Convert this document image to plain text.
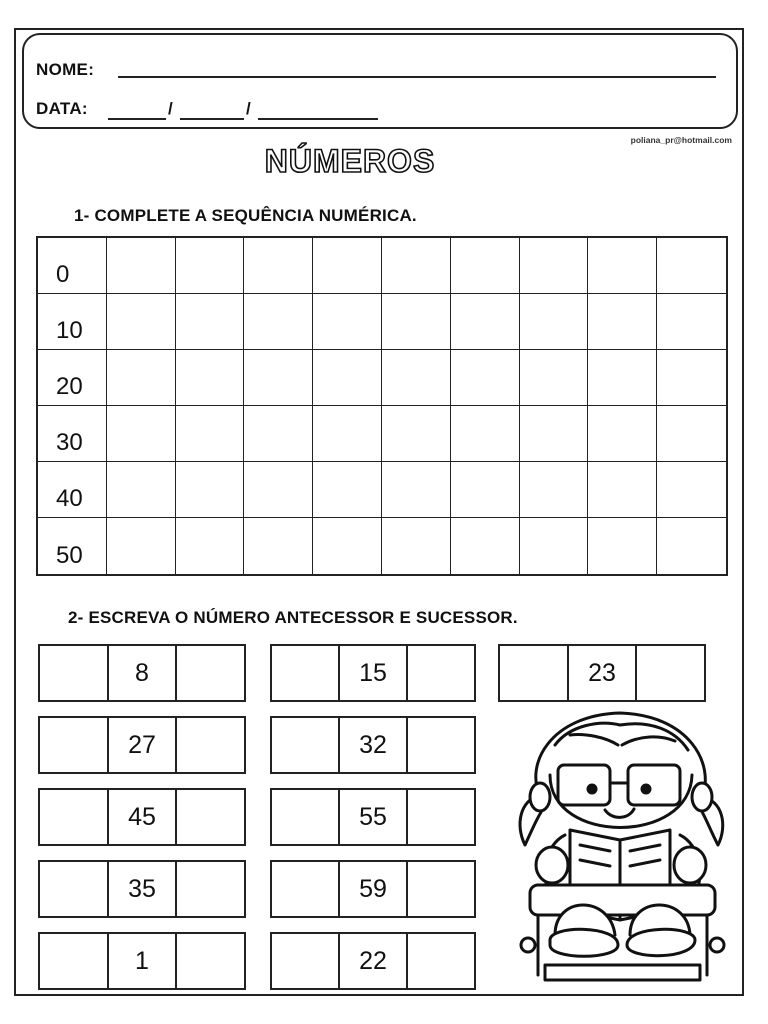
NOME:
DATA:	/	/
poliana_pr@hotmail.com
NÚMEROS
1- COMPLETE A SEQUÊNCIA NUMÉRICA.
0
10
20
30
40
50
2- ESCREVA O NÚMERO ANTECESSOR E SUCESSOR.
8
27
45
35
1
15
32
55
59
22
23
